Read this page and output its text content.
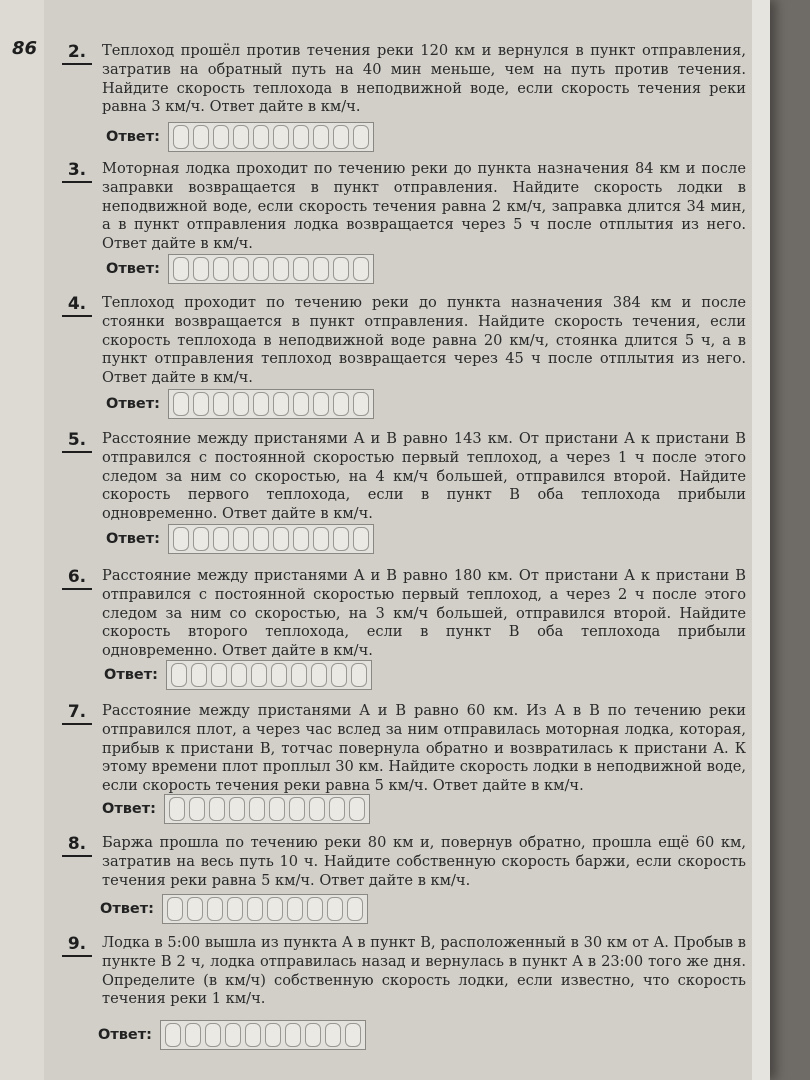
86	2.	Теплоход прошёл против течения реки 120 км и вернулся в пункт отправления, затратив на обратный путь на 40 мин меньше, чем на путь против течения. Найдите скорость теплохода в неподвижной воде, если скорость течения реки равна 3 км/ч. Ответ дайте в км/ч.
Ответ:
3.	Моторная лодка проходит по течению реки до пункта назначения 84 км и после заправки возвращается в пункт отправления. Найдите скорость лодки в неподвижной воде, если скорость течения равна 2 км/ч, заправка длится 34 мин, а в пункт отправления лодка возвращается через 5 ч после отплытия из него. Ответ дайте в км/ч.
Ответ:
4.	Теплоход проходит по течению реки до пункта назначения 384 км и после стоянки возвращается в пункт отправления. Найдите скорость течения, если скорость теплохода в неподвижной воде равна 20 км/ч, стоянка длится 5 ч, а в пункт отправления теплоход возвращается через 45 ч после отплытия из него. Ответ дайте в км/ч.
Ответ:
5.	Расстояние между пристанями A и B равно 143 км. От пристани A к пристани B отправился с постоянной скоростью первый теплоход, а через 1 ч после этого следом за ним со скоростью, на 4 км/ч большей, отправился второй. Найдите скорость первого теплохода, если в пункт B оба теплохода прибыли одновременно. Ответ дайте в км/ч.
Ответ:
6.	Расстояние между пристанями A и B равно 180 км. От пристани A к пристани B отправился с постоянной скоростью первый теплоход, а через 2 ч после этого следом за ним со скоростью, на 3 км/ч большей, отправился второй. Найдите скорость второго теплохода, если в пункт B оба теплохода прибыли одновременно. Ответ дайте в км/ч.
Ответ:
7.	Расстояние между пристанями A и B равно 60 км. Из A в B по течению реки отправился плот, а через час вслед за ним отправилась моторная лодка, которая, прибыв к пристани B, тотчас повернула обратно и возвратилась к пристани A. К этому времени плот проплыл 30 км. Найдите скорость лодки в неподвижной воде, если скорость течения реки равна 5 км/ч. Ответ дайте в км/ч.
Ответ:
8.	Баржа прошла по течению реки 80 км и, повернув обратно, прошла ещё 60 км, затратив на весь путь 10 ч. Найдите собственную скорость баржи, если скорость течения реки равна 5 км/ч. Ответ дайте в км/ч.
Ответ:
9.	Лодка в 5:00 вышла из пункта A в пункт B, расположенный в 30 км от A. Пробыв в пункте B 2 ч, лодка отправилась назад и вернулась в пункт A в 23:00 того же дня. Определите (в км/ч) собственную скорость лодки, если известно, что скорость течения реки 1 км/ч.
Ответ:
